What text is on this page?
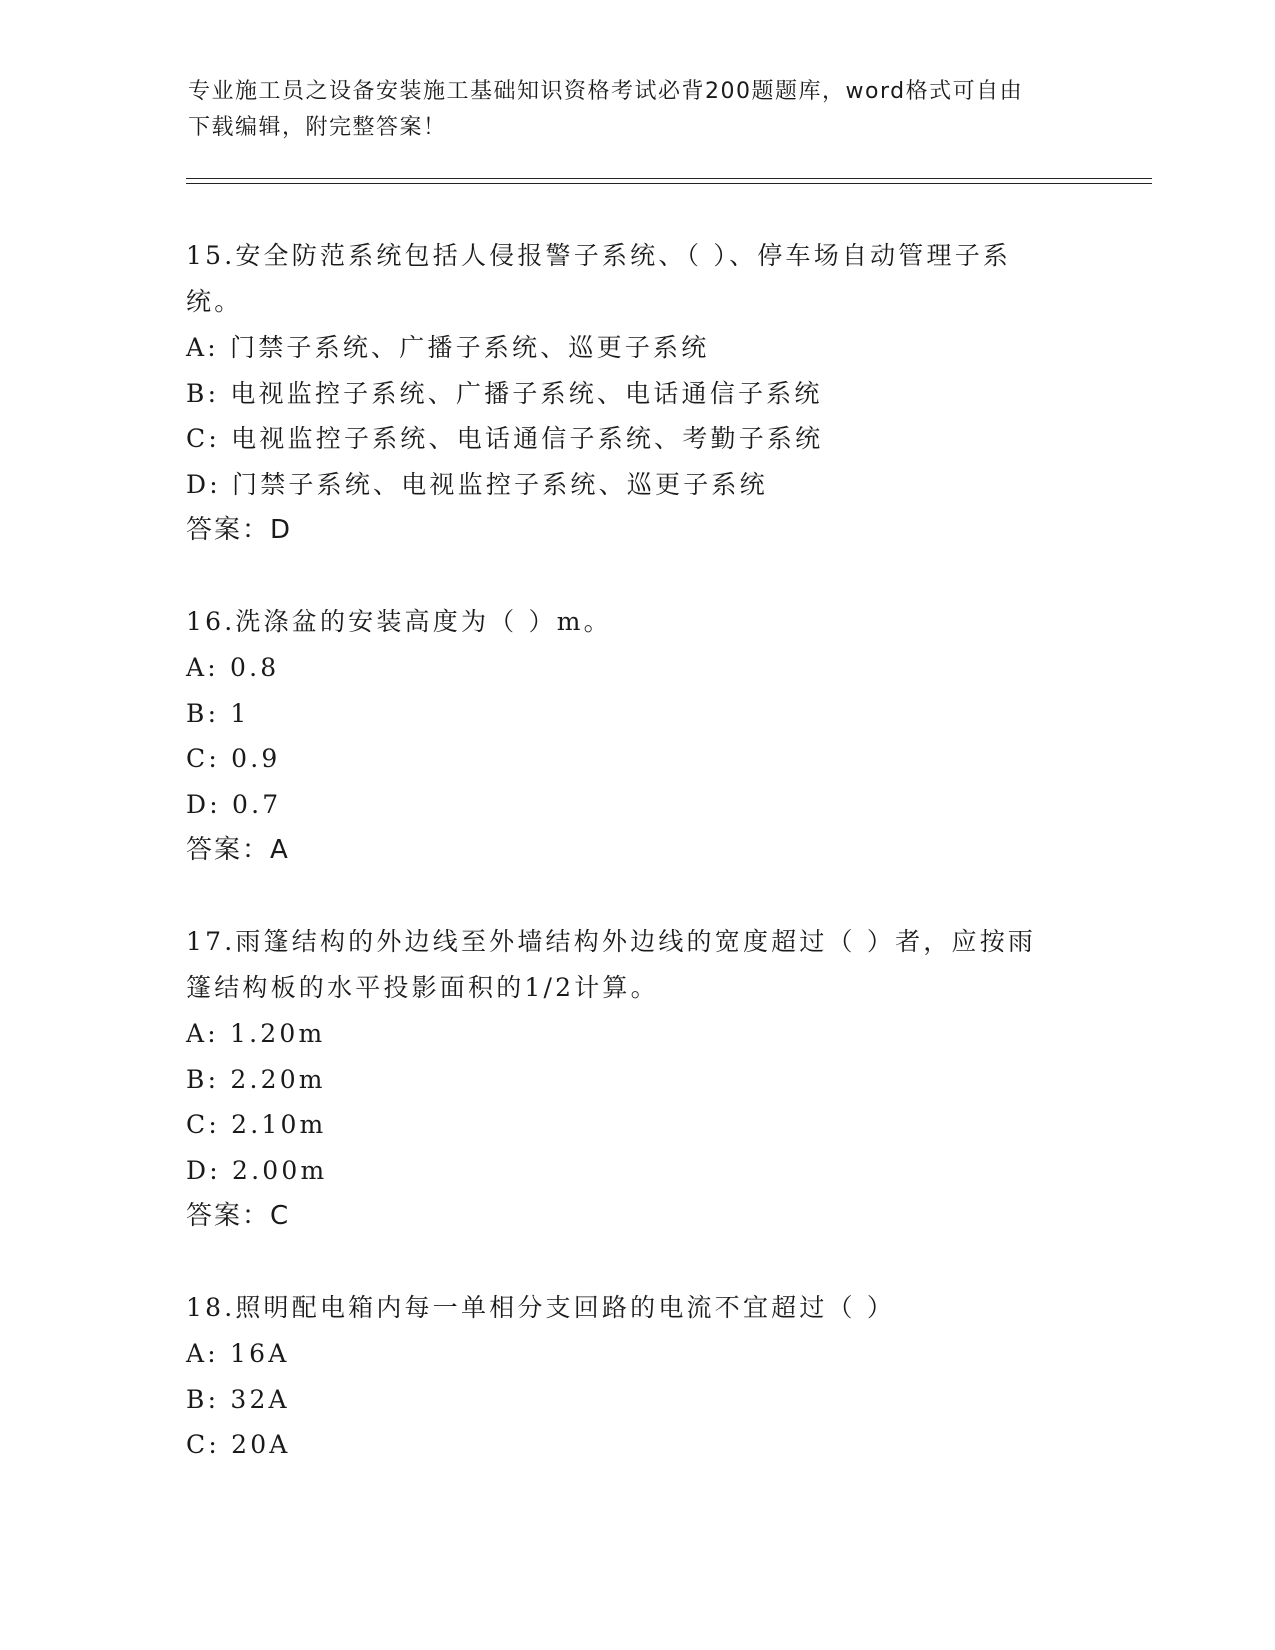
专业施工员之设备安装施工基础知识资格考试必背200题题库，word格式可自由
下载编辑，附完整答案！

15.安全防范系统包括人侵报警子系统、（ ）、停车场自动管理子系

统。

A: 门禁子系统、广播子系统、巡更子系统

B: 电视监控子系统、广播子系统、电话通信子系统

C: 电视监控子系统、电话通信子系统、考勤子系统

D: 门禁子系统、电视监控子系统、巡更子系统

答案：D

16.洗涤盆的安装高度为（ ）m。

A: 0.8

B: 1

C: 0.9

D: 0.7

答案：A

17.雨篷结构的外边线至外墙结构外边线的宽度超过（ ）者，应按雨

篷结构板的水平投影面积的1/2计算。

A: 1.20m

B: 2.20m

C: 2.10m

D: 2.00m

答案：C

18.照明配电箱内每一单相分支回路的电流不宜超过（ ）

A: 16A

B: 32A

C: 20A
